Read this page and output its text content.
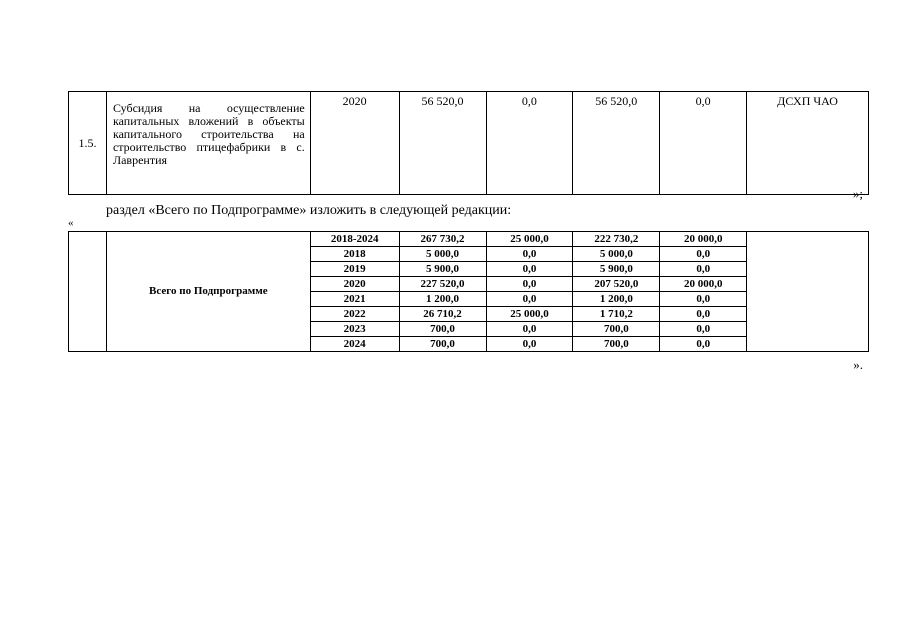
1.5.	Субсидия на осуществление капитальных вложений в объекты капитального строительства на строительство птицефабрики в с. Лаврентия	2020	56 520,0	0,0	56 520,0	0,0	ДСХП ЧАО
»;
раздел «Всего по Подпрограмме» изложить в следующей редакции:
«
	Всего по Подпрограмме	2018-2024	267 730,2	25 000,0	222 730,2	20 000,0	
		2018	5 000,0	0,0	5 000,0	0,0	
		2019	5 900,0	0,0	5 900,0	0,0	
		2020	227 520,0	0,0	207 520,0	20 000,0	
		2021	1 200,0	0,0	1 200,0	0,0	
		2022	26 710,2	25 000,0	1 710,2	0,0	
		2023	700,0	0,0	700,0	0,0	
		2024	700,0	0,0	700,0	0,0	
».
